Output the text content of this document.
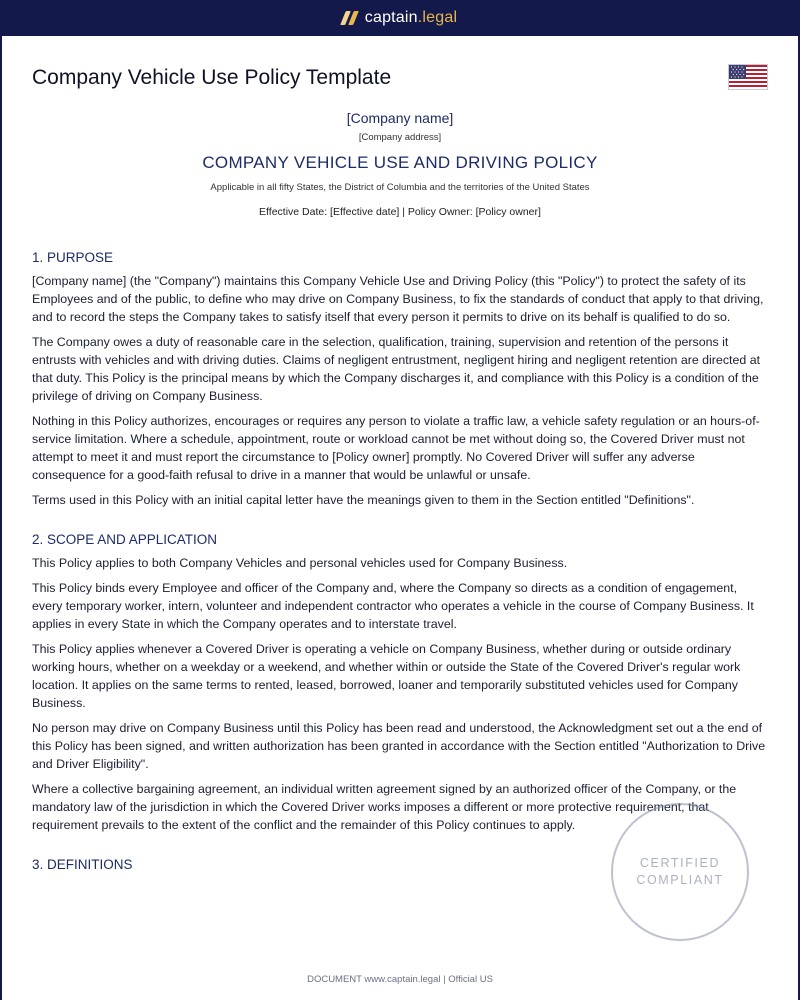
captain.legal
Company Vehicle Use Policy Template
[Company name]
[Company address]
COMPANY VEHICLE USE AND DRIVING POLICY
Applicable in all fifty States, the District of Columbia and the territories of the United States
Effective Date: [Effective date] | Policy Owner: [Policy owner]
1. PURPOSE

[Company name] (the "Company") maintains this Company Vehicle Use and Driving Policy (this "Policy") to protect the safety of its Employees and of the public, to define who may drive on Company Business, to fix the standards of conduct that apply to that driving, and to record the steps the Company takes to satisfy itself that every person it permits to drive on its behalf is qualified to do so.

The Company owes a duty of reasonable care in the selection, qualification, training, supervision and retention of the persons it entrusts with vehicles and with driving duties. Claims of negligent entrustment, negligent hiring and negligent retention are directed at that duty. This Policy is the principal means by which the Company discharges it, and compliance with this Policy is a condition of the privilege of driving on Company Business.

Nothing in this Policy authorizes, encourages or requires any person to violate a traffic law, a vehicle safety regulation or an hours-of-service limitation. Where a schedule, appointment, route or workload cannot be met without doing so, the Covered Driver must not attempt to meet it and must report the circumstance to [Policy owner] promptly. No Covered Driver will suffer any adverse consequence for a good-faith refusal to drive in a manner that would be unlawful or unsafe.

Terms used in this Policy with an initial capital letter have the meanings given to them in the Section entitled "Definitions".

2. SCOPE AND APPLICATION

This Policy applies to both Company Vehicles and personal vehicles used for Company Business.

This Policy binds every Employee and officer of the Company and, where the Company so directs as a condition of engagement, every temporary worker, intern, volunteer and independent contractor who operates a vehicle in the course of Company Business. It applies in every State in which the Company operates and to interstate travel.

This Policy applies whenever a Covered Driver is operating a vehicle on Company Business, whether during or outside ordinary working hours, whether on a weekday or a weekend, and whether within or outside the State of the Covered Driver's regular work location. It applies on the same terms to rented, leased, borrowed, loaner and temporarily substituted vehicles used for Company Business.

No person may drive on Company Business until this Policy has been read and understood, the Acknowledgment set out a the end of this Policy has been signed, and written authorization has been granted in accordance with the Section entitled "Authorization to Drive and Driver Eligibility".

Where a collective bargaining agreement, an individual written agreement signed by an authorized officer of the Company, or the mandatory law of the jurisdiction in which the Covered Driver works imposes a different or more protective requirement, that requirement prevails to the extent of the conflict and the remainder of this Policy continues to apply.

3. DEFINITIONS	CERTIFIED
COMPLIANT
DOCUMENT www.captain.legal | Official US
